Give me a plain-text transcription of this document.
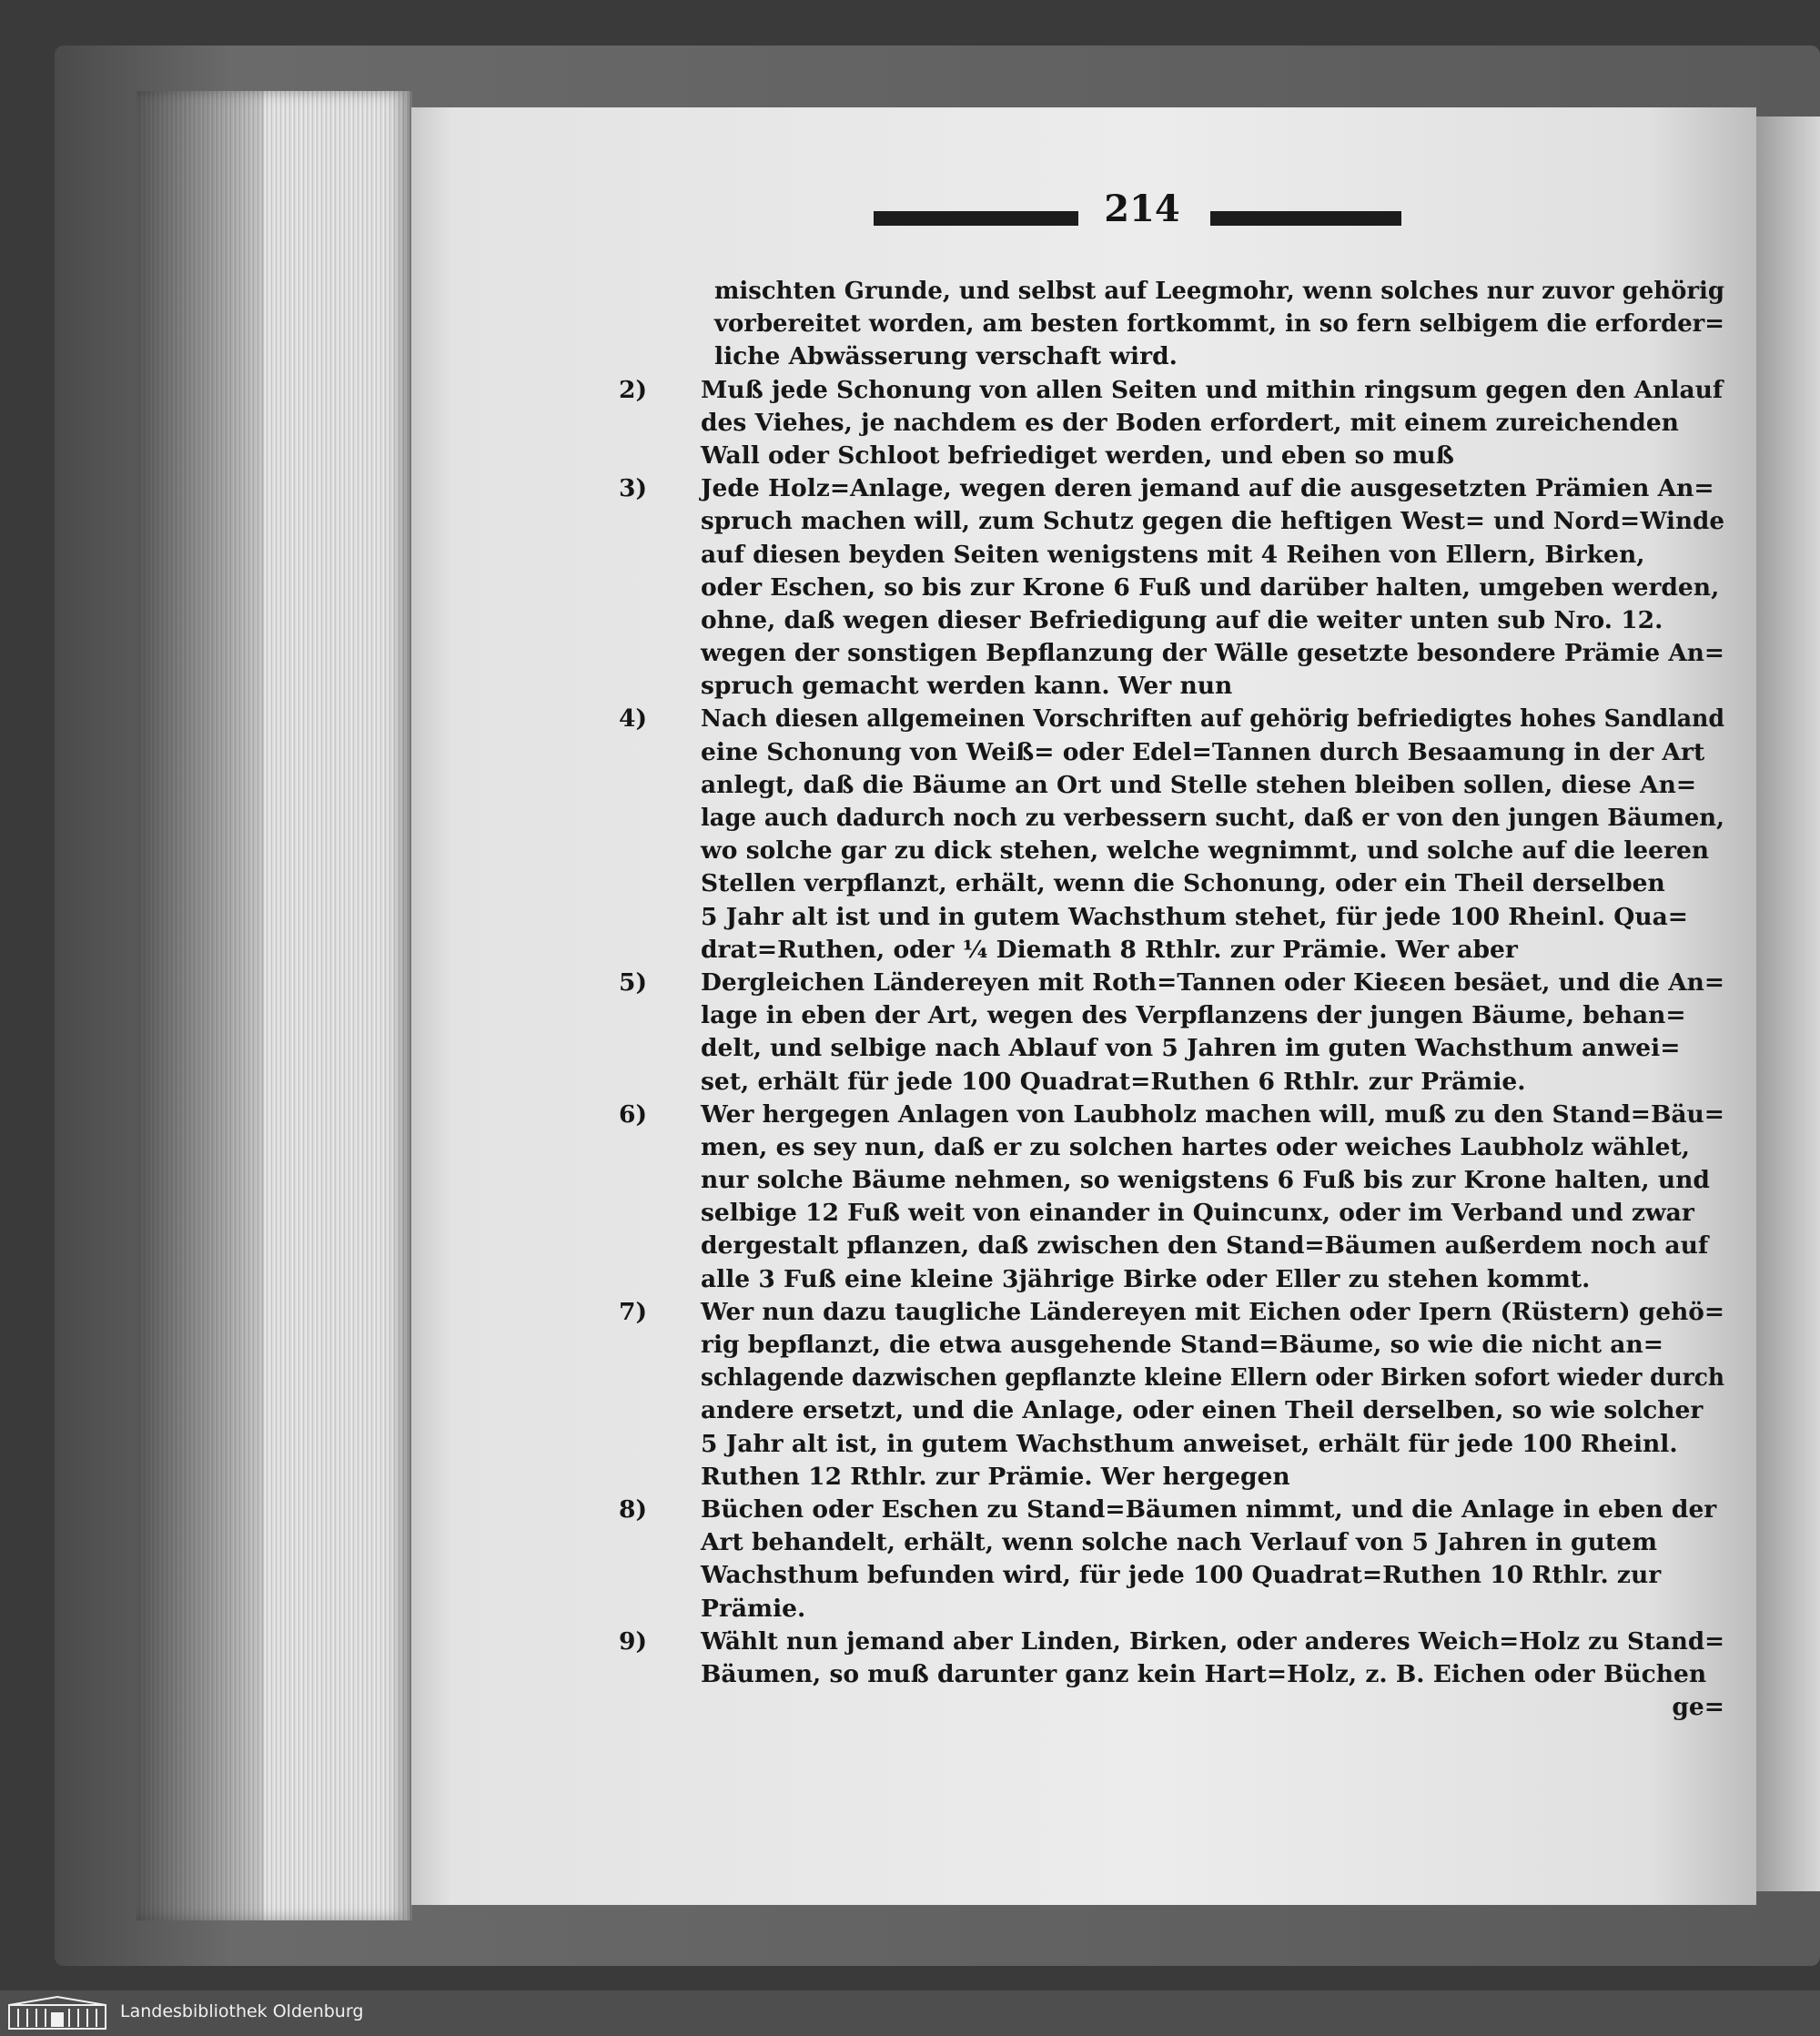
214
mischten Grunde, und selbst auf Leegmohr, wenn solches nur zuvor gehörig
vorbereitet worden, am besten fortkommt, in so fern selbigem die erforder=
liche Abwässerung verschaft wird.
2)	Muß jede Schonung von allen Seiten und mithin ringsum gegen den Anlauf
des Viehes, je nachdem es der Boden erfordert, mit einem zureichenden
Wall oder Schloot befriediget werden, und eben so muß
3)	Jede Holz=Anlage, wegen deren jemand auf die ausgesetzten Prämien An=
spruch machen will, zum Schutz gegen die heftigen West= und Nord=Winde
auf diesen beyden Seiten wenigstens mit 4 Reihen von Ellern, Birken,
oder Eschen, so bis zur Krone 6 Fuß und darüber halten, umgeben werden,
ohne, daß wegen dieser Befriedigung auf die weiter unten sub Nro. 12.
wegen der sonstigen Bepflanzung der Wälle gesetzte besondere Prämie An=
spruch gemacht werden kann. Wer nun
4)	Nach diesen allgemeinen Vorschriften auf gehörig befriedigtes hohes Sandland
eine Schonung von Weiß= oder Edel=Tannen durch Besaamung in der Art
anlegt, daß die Bäume an Ort und Stelle stehen bleiben sollen, diese An=
lage auch dadurch noch zu verbessern sucht, daß er von den jungen Bäumen,
wo solche gar zu dick stehen, welche wegnimmt, und solche auf die leeren
Stellen verpflanzt, erhält, wenn die Schonung, oder ein Theil derselben
5 Jahr alt ist und in gutem Wachsthum stehet, für jede 100 Rheinl. Qua=
drat=Ruthen, oder ¼ Diemath 8 Rthlr. zur Prämie. Wer aber
5)	Dergleichen Ländereyen mit Roth=Tannen oder Kieɛen besäet, und die An=
lage in eben der Art, wegen des Verpflanzens der jungen Bäume, behan=
delt, und selbige nach Ablauf von 5 Jahren im guten Wachsthum anwei=
set, erhält für jede 100 Quadrat=Ruthen 6 Rthlr. zur Prämie.
6)	Wer hergegen Anlagen von Laubholz machen will, muß zu den Stand=Bäu=
men, es sey nun, daß er zu solchen hartes oder weiches Laubholz wählet,
nur solche Bäume nehmen, so wenigstens 6 Fuß bis zur Krone halten, und
selbige 12 Fuß weit von einander in Quincunx, oder im Verband und zwar
dergestalt pflanzen, daß zwischen den Stand=Bäumen außerdem noch auf
alle 3 Fuß eine kleine 3jährige Birke oder Eller zu stehen kommt.
7)	Wer nun dazu taugliche Ländereyen mit Eichen oder Ipern (Rüstern) gehö=
rig bepflanzt, die etwa ausgehende Stand=Bäume, so wie die nicht an=
schlagende dazwischen gepflanzte kleine Ellern oder Birken sofort wieder durch
andere ersetzt, und die Anlage, oder einen Theil derselben, so wie solcher
5 Jahr alt ist, in gutem Wachsthum anweiset, erhält für jede 100 Rheinl.
Ruthen 12 Rthlr. zur Prämie. Wer hergegen
8)	Büchen oder Eschen zu Stand=Bäumen nimmt, und die Anlage in eben der
Art behandelt, erhält, wenn solche nach Verlauf von 5 Jahren in gutem
Wachsthum befunden wird, für jede 100 Quadrat=Ruthen 10 Rthlr. zur
Prämie.
9)	Wählt nun jemand aber Linden, Birken, oder anderes Weich=Holz zu Stand=
Bäumen, so muß darunter ganz kein Hart=Holz, z. B. Eichen oder Büchen
ge=
Landesbibliothek Oldenburg
